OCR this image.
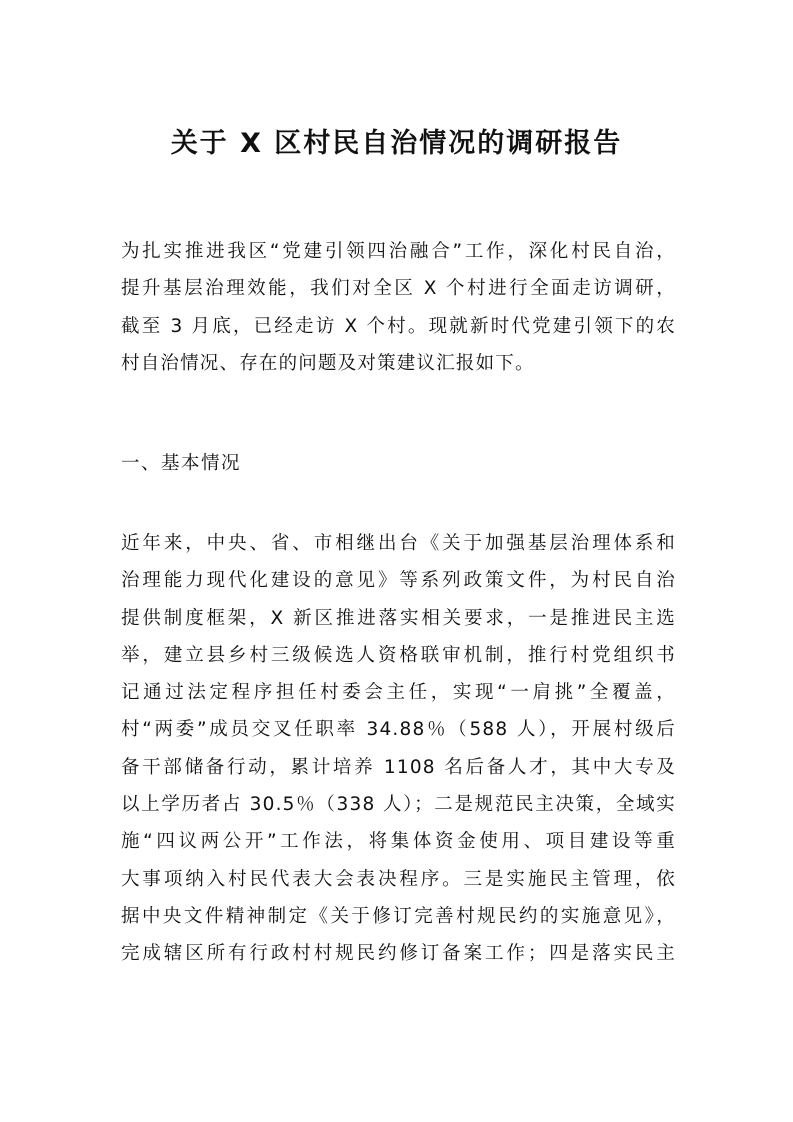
关于 X 区村民自治情况的调研报告
为扎实推进我区“党建引领四治融合”工作，深化村民自治，
提升基层治理效能，我们对全区 X 个村进行全面走访调研，
截至 3 月底，已经走访 X 个村。现就新时代党建引领下的农
村自治情况、存在的问题及对策建议汇报如下。
一、基本情况
近年来，中央、省、市相继出台《关于加强基层治理体系和
治理能力现代化建设的意见》等系列政策文件，为村民自治
提供制度框架，X 新区推进落实相关要求，一是推进民主选
举，建立县乡村三级候选人资格联审机制，推行村党组织书
记通过法定程序担任村委会主任，实现“一肩挑”全覆盖，
村“两委”成员交叉任职率 34.88％（588 人），开展村级后
备干部储备行动，累计培养 1108 名后备人才，其中大专及
以上学历者占 30.5％（338 人）；二是规范民主决策，全域实
施“四议两公开”工作法，将集体资金使用、项目建设等重
大事项纳入村民代表大会表决程序。三是实施民主管理，依
据中央文件精神制定《关于修订完善村规民约的实施意见》，
完成辖区所有行政村村规民约修订备案工作；四是落实民主
